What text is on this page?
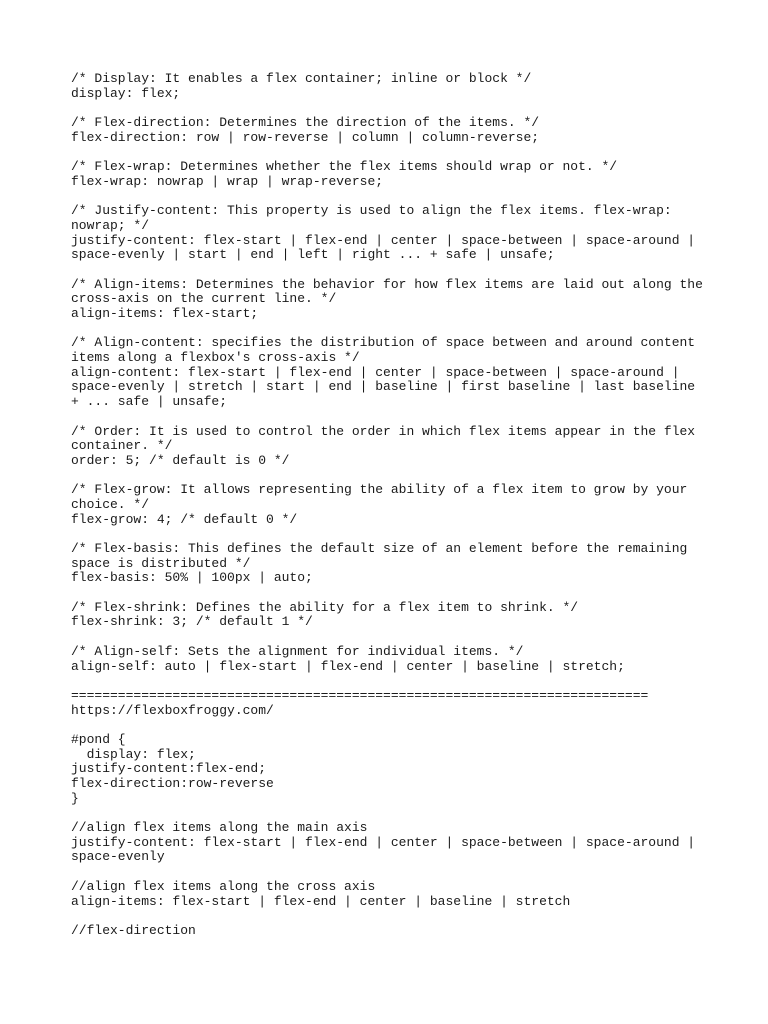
/* Display: It enables a flex container; inline or block */
display: flex;
/* Flex-direction: Determines the direction of the items. */
flex-direction: row | row-reverse | column | column-reverse;
/* Flex-wrap: Determines whether the flex items should wrap or not. */
flex-wrap: nowrap | wrap | wrap-reverse;
/* Justify-content: This property is used to align the flex items. flex-wrap:
nowrap; */
justify-content: flex-start | flex-end | center | space-between | space-around |
space-evenly | start | end | left | right ... + safe | unsafe;
/* Align-items: Determines the behavior for how flex items are laid out along the
cross-axis on the current line. */
align-items: flex-start;
/* Align-content: specifies the distribution of space between and around content
items along a flexbox's cross-axis */
align-content: flex-start | flex-end | center | space-between | space-around |
space-evenly | stretch | start | end | baseline | first baseline | last baseline
+ ... safe | unsafe;
/* Order: It is used to control the order in which flex items appear in the flex
container. */
order: 5; /* default is 0 */
/* Flex-grow: It allows representing the ability of a flex item to grow by your
choice. */
flex-grow: 4; /* default 0 */
/* Flex-basis: This defines the default size of an element before the remaining
space is distributed */
flex-basis: 50% | 100px | auto;
/* Flex-shrink: Defines the ability for a flex item to shrink. */
flex-shrink: 3; /* default 1 */
/* Align-self: Sets the alignment for individual items. */
align-self: auto | flex-start | flex-end | center | baseline | stretch;
==========================================================================
https://flexboxfroggy.com/
#pond {
display: flex;
justify-content:flex-end;
flex-direction:row-reverse
}
//align flex items along the main axis
justify-content: flex-start | flex-end | center | space-between | space-around |
space-evenly
//align flex items along the cross axis
align-items: flex-start | flex-end | center | baseline | stretch
//flex-direction
